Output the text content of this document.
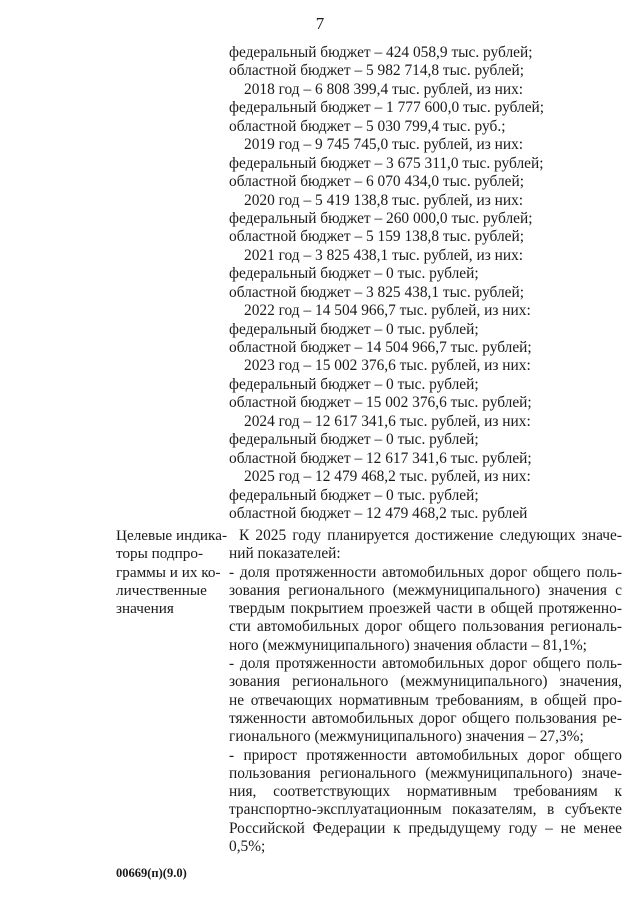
7
федеральный бюджет – 424 058,9 тыс. рублей;
областной бюджет – 5 982 714,8 тыс. рублей;
2018 год – 6 808 399,4 тыс. рублей, из них:
федеральный бюджет – 1 777 600,0 тыс. рублей;
областной бюджет – 5 030 799,4 тыс. руб.;
2019 год – 9 745 745,0 тыс. рублей, из них:
федеральный бюджет – 3 675 311,0 тыс. рублей;
областной бюджет – 6 070 434,0 тыс. рублей;
2020 год – 5 419 138,8 тыс. рублей, из них:
федеральный бюджет – 260 000,0 тыс. рублей;
областной бюджет – 5 159 138,8 тыс. рублей;
2021 год – 3 825 438,1 тыс. рублей, из них:
федеральный бюджет – 0 тыс. рублей;
областной бюджет – 3 825 438,1 тыс. рублей;
2022 год – 14 504 966,7 тыс. рублей, из них:
федеральный бюджет – 0 тыс. рублей;
областной бюджет – 14 504 966,7 тыс. рублей;
2023 год – 15 002 376,6 тыс. рублей, из них:
федеральный бюджет – 0 тыс. рублей;
областной бюджет – 15 002 376,6 тыс. рублей;
2024 год – 12 617 341,6 тыс. рублей, из них:
федеральный бюджет – 0 тыс. рублей;
областной бюджет – 12 617 341,6 тыс. рублей;
2025 год – 12 479 468,2 тыс. рублей, из них:
федеральный бюджет – 0 тыс. рублей;
областной бюджет – 12 479 468,2 тыс. рублей
Целевые индика-
торы подпро-
граммы и их ко-
личественные
значения
К 2025 году планируется достижение следующих значе-
ний показателей:
- доля протяженности автомобильных дорог общего поль-
зования регионального (межмуниципального) значения с
твердым покрытием проезжей части в общей протяженно-
сти автомобильных дорог общего пользования региональ-
ного (межмуниципального) значения области – 81,1%;
- доля протяженности автомобильных дорог общего поль-
зования регионального (межмуниципального) значения,
не отвечающих нормативным требованиям, в общей про-
тяженности автомобильных дорог общего пользования ре-
гионального (межмуниципального) значения – 27,3%;
- прирост протяженности автомобильных дорог общего
пользования регионального (межмуниципального) значе-
ния, соответствующих нормативным требованиям к
транспортно-эксплуатационным показателям, в субъекте
Российской Федерации к предыдущему году – не менее
0,5%;
00669(п)(9.0)
